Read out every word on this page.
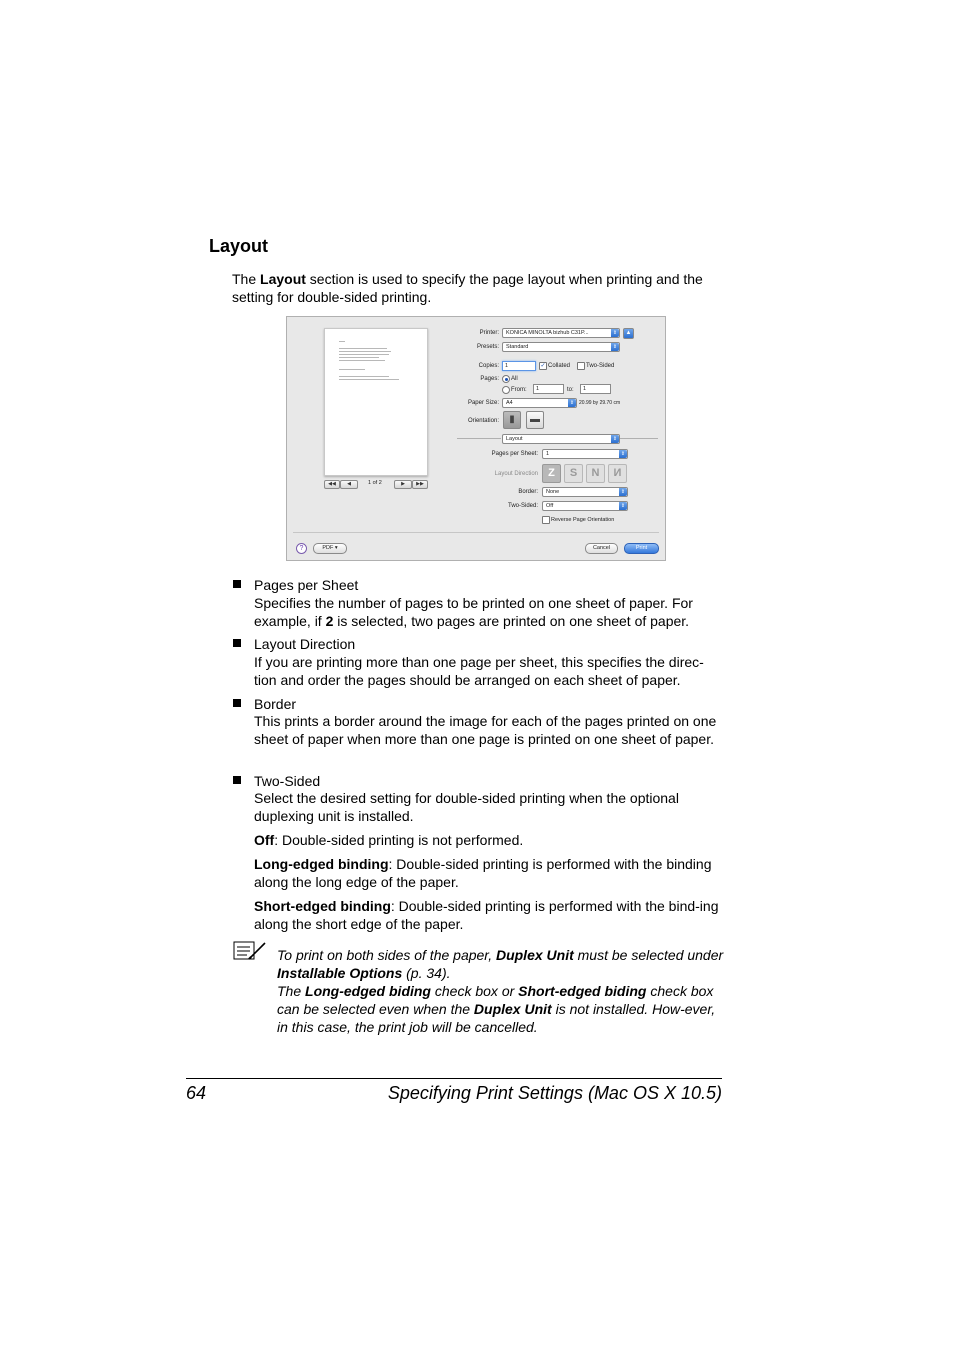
Layout
The Layout section is used to specify the page layout when printing and the setting for double-sided printing.
◀◀	◀	1 of 2	▶	▶▶
Printer:	KONICA MINOLTA bizhub C31P...	⇕	▲
Presets:	Standard	⇕
Copies:	1	✓ Collated	Two-Sided
Pages: All
From:	1	to:	1
Paper Size:	A4	⇕ 20.99 by 29.70 cm
Orientation:	▮	▬
Layout	⇕
Pages per Sheet:	1	⇕
Layout Direction Z	S	N	И
Border:	None	⇕
Two-Sided:	Off	⇕
Reverse Page Orientation
?	PDF ▾	Cancel	Print
Pages per Sheet
Specifies the number of pages to be printed on one sheet of paper. For example, if 2 is selected, two pages are printed on one sheet of paper.
Layout Direction
If you are printing more than one page per sheet, this specifies the direc-tion and order the pages should be arranged on each sheet of paper.
Border
This prints a border around the image for each of the pages printed on one sheet of paper when more than one page is printed on one sheet of paper.
Two-Sided
Select the desired setting for double-sided printing when the optional duplexing unit is installed.
Off: Double-sided printing is not performed.
Long-edged binding: Double-sided printing is performed with the binding along the long edge of the paper.
Short-edged binding: Double-sided printing is performed with the bind-ing along the short edge of the paper.
To print on both sides of the paper, Duplex Unit must be selected under Installable Options (p. 34).
The Long-edged biding check box or Short-edged biding check box can be selected even when the Duplex Unit is not installed. How-ever, in this case, the print job will be cancelled.
64	Specifying Print Settings (Mac OS X 10.5)
